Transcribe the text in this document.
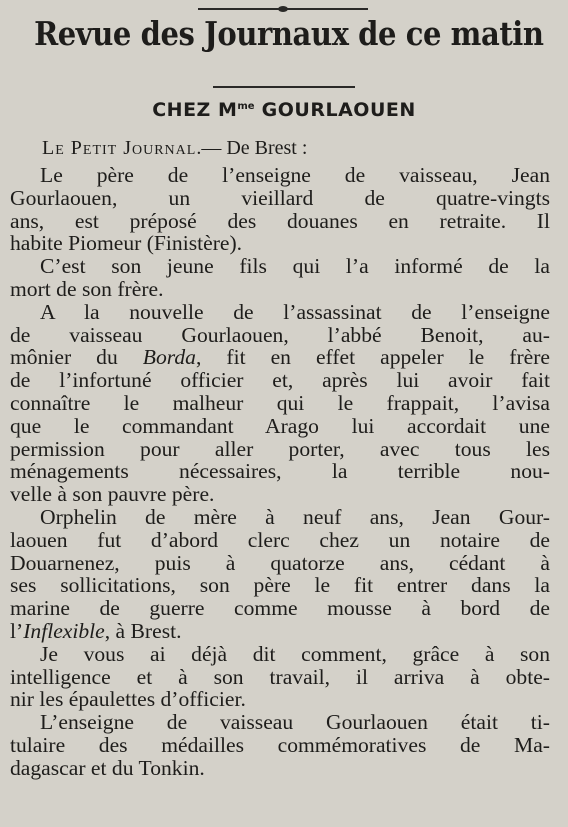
Revue des Journaux de ce matin
CHEZ $M^{me}$ GOURLAOUEN
Le Petit Journal.— De Brest :
Le père de l’enseigne de vaisseau, Jean
Gourlaouen, un vieillard de quatre-vingts
ans, est préposé des douanes en retraite. Il
habite Piomeur (Finistère).
C’est son jeune fils qui l’a informé de la
mort de son frère.
A la nouvelle de l’assassinat de l’enseigne
de vaisseau Gourlaouen, l’abbé Benoit, au-
mônier du Borda, fit en effet appeler le frère
de l’infortuné officier et, après lui avoir fait
connaître le malheur qui le frappait, l’avisa
que le commandant Arago lui accordait une
permission pour aller porter, avec tous les
ménagements nécessaires, la terrible nou-
velle à son pauvre père.
Orphelin de mère à neuf ans, Jean Gour-
laouen fut d’abord clerc chez un notaire de
Douarnenez, puis à quatorze ans, cédant à
ses sollicitations, son père le fit entrer dans la
marine de guerre comme mousse à bord de
l’Inflexible, à Brest.
Je vous ai déjà dit comment, grâce à son
intelligence et à son travail, il arriva à obte-
nir les épaulettes d’officier.
L’enseigne de vaisseau Gourlaouen était ti-
tulaire des médailles commémoratives de Ma-
dagascar et du Tonkin.
